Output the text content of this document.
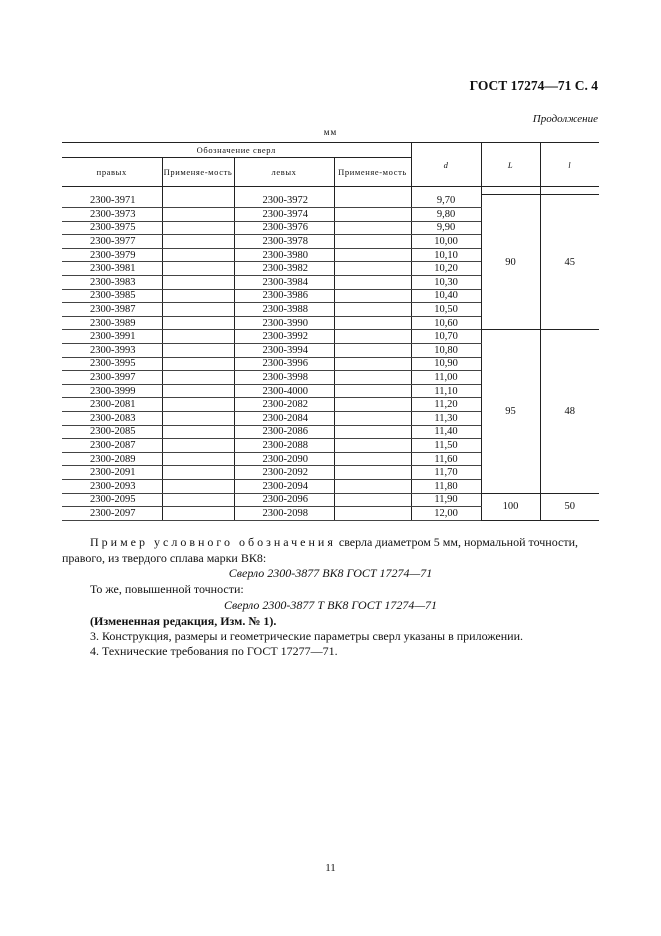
ГОСТ 17274—71 С. 4
Продолжение
мм
Обозначение сверл				d	L	l
правых	Применяе-мость	левых	Применяе-мость			

2300-3971		2300-3972		9,70	90	45
2300-3973		2300-3974		9,80		
2300-3975		2300-3976		9,90		
2300-3977		2300-3978		10,00		
2300-3979		2300-3980		10,10		
2300-3981		2300-3982		10,20		
2300-3983		2300-3984		10,30		
2300-3985		2300-3986		10,40		
2300-3987		2300-3988		10,50		
2300-3989		2300-3990		10,60		
2300-3991		2300-3992		10,70	95	48
2300-3993		2300-3994		10,80		
2300-3995		2300-3996		10,90		
2300-3997		2300-3998		11,00		
2300-3999		2300-4000		11,10		
2300-2081		2300-2082		11,20		
2300-2083		2300-2084		11,30		
2300-2085		2300-2086		11,40		
2300-2087		2300-2088		11,50		
2300-2089		2300-2090		11,60		
2300-2091		2300-2092		11,70		
2300-2093		2300-2094		11,80		
2300-2095		2300-2096		11,90	100	50
2300-2097		2300-2098		12,00		
Пример условного обозначения сверла диаметром 5 мм, нормальной точности, правого, из твердого сплава марки ВК8:
Сверло 2300-3877 ВК8 ГОСТ 17274—71
То же, повышенной точности:
Сверло 2300-3877 Т ВК8 ГОСТ 17274—71
(Измененная редакция, Изм. № 1).
3. Конструкция, размеры и геометрические параметры сверл указаны в приложении.
4. Технические требования по ГОСТ 17277—71.
11
